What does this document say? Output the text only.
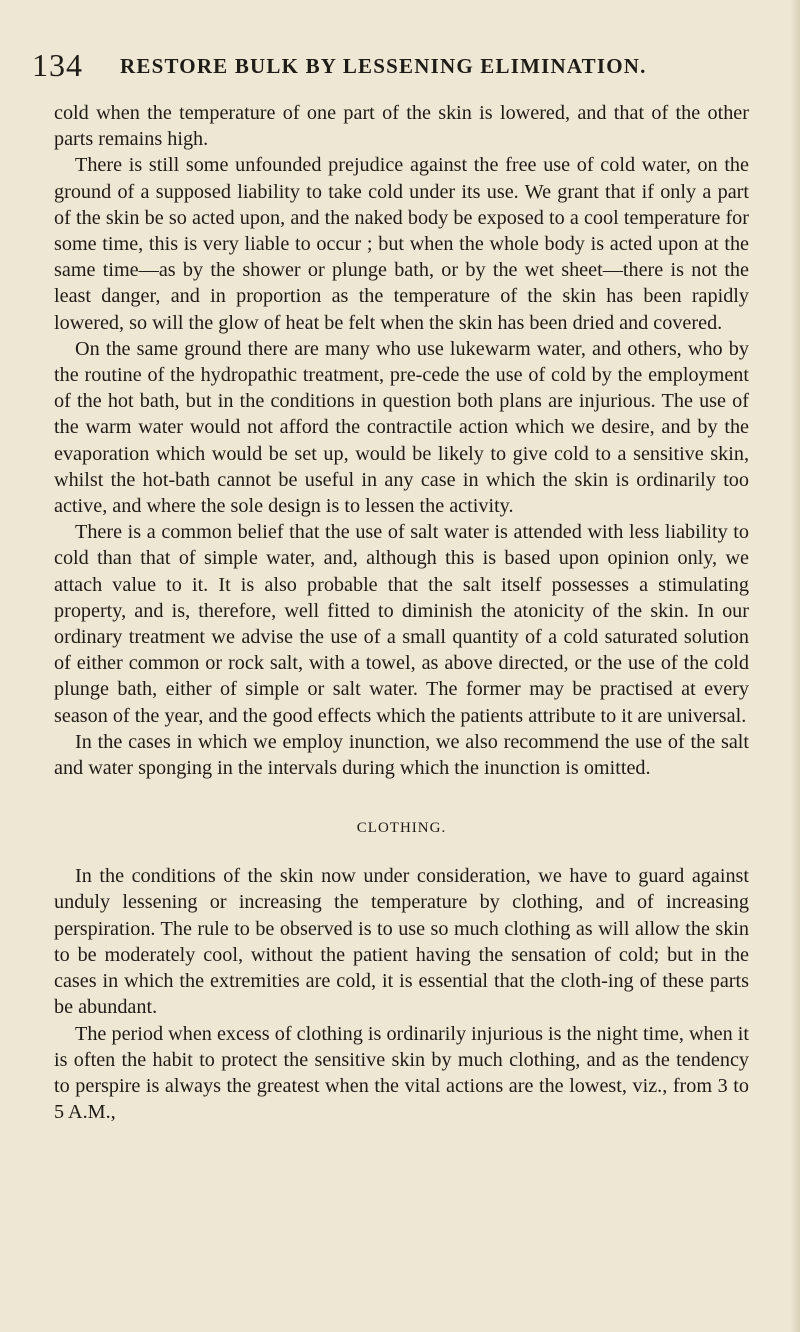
134 RESTORE BULK BY LESSENING ELIMINATION.

cold when the temperature of one part of the skin is lowered, and that of the other parts remains high.

There is still some unfounded prejudice against the free use of cold water, on the ground of a supposed liability to take cold under its use. We grant that if only a part of the skin be so acted upon, and the naked body be exposed to a cool temperature for some time, this is very liable to occur ; but when the whole body is acted upon at the same time—as by the shower or plunge bath, or by the wet sheet—there is not the least danger, and in proportion as the temperature of the skin has been rapidly lowered, so will the glow of heat be felt when the skin has been dried and covered.

On the same ground there are many who use lukewarm water, and others, who by the routine of the hydropathic treatment, pre-cede the use of cold by the employment of the hot bath, but in the conditions in question both plans are injurious. The use of the warm water would not afford the contractile action which we desire, and by the evaporation which would be set up, would be likely to give cold to a sensitive skin, whilst the hot-bath cannot be useful in any case in which the skin is ordinarily too active, and where the sole design is to lessen the activity.

There is a common belief that the use of salt water is attended with less liability to cold than that of simple water, and, although this is based upon opinion only, we attach value to it. It is also probable that the salt itself possesses a stimulating property, and is, therefore, well fitted to diminish the atonicity of the skin. In our ordinary treatment we advise the use of a small quantity of a cold saturated solution of either common or rock salt, with a towel, as above directed, or the use of the cold plunge bath, either of simple or salt water. The former may be practised at every season of the year, and the good effects which the patients attribute to it are universal.

In the cases in which we employ inunction, we also recommend the use of the salt and water sponging in the intervals during which the inunction is omitted.

CLOTHING.

In the conditions of the skin now under consideration, we have to guard against unduly lessening or increasing the temperature by clothing, and of increasing perspiration. The rule to be observed is to use so much clothing as will allow the skin to be moderately cool, without the patient having the sensation of cold; but in the cases in which the extremities are cold, it is essential that the cloth-ing of these parts be abundant.

The period when excess of clothing is ordinarily injurious is the night time, when it is often the habit to protect the sensitive skin by much clothing, and as the tendency to perspire is always the greatest when the vital actions are the lowest, viz., from 3 to 5 A.M.,
